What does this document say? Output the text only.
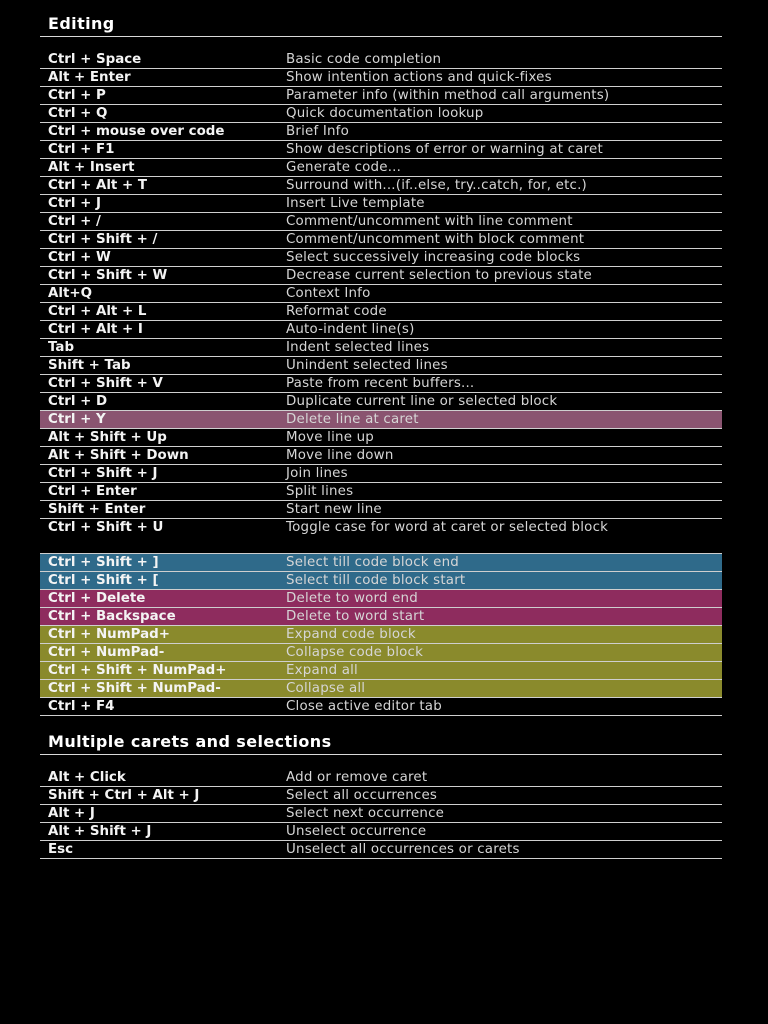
Editing
Ctrl + Space	Basic code completion
Alt + Enter	Show intention actions and quick-fixes
Ctrl + P	Parameter info (within method call arguments)
Ctrl + Q	Quick documentation lookup
Ctrl + mouse over code	Brief Info
Ctrl + F1	Show descriptions of error or warning at caret
Alt + Insert	Generate code...
Ctrl + Alt + T	Surround with...(if..else, try..catch, for, etc.)
Ctrl + J	Insert Live template
Ctrl + /	Comment/uncomment with line comment
Ctrl + Shift + /	Comment/uncomment with block comment
Ctrl + W	Select successively increasing code blocks
Ctrl + Shift + W	Decrease current selection to previous state
Alt+Q	Context Info
Ctrl + Alt + L	Reformat code
Ctrl + Alt + I	Auto-indent line(s)
Tab	Indent selected lines
Shift + Tab	Unindent selected lines
Ctrl + Shift + V	Paste from recent buffers...
Ctrl + D	Duplicate current line or selected block
Ctrl + Y	Delete line at caret
Alt + Shift + Up	Move line up
Alt + Shift + Down	Move line down
Ctrl + Shift + J	Join lines
Ctrl + Enter	Split lines
Shift + Enter	Start new line
Ctrl + Shift + U	Toggle case for word at caret or selected block
Ctrl + Shift + ]	Select till code block end
Ctrl + Shift + [	Select till code block start
Ctrl + Delete	Delete to word end
Ctrl + Backspace	Delete to word start
Ctrl + NumPad+	Expand code block
Ctrl + NumPad-	Collapse code block
Ctrl + Shift + NumPad+	Expand all
Ctrl + Shift + NumPad-	Collapse all
Ctrl + F4	Close active editor tab
Multiple carets and selections
Alt + Click	Add or remove caret
Shift + Ctrl + Alt + J	Select all occurrences
Alt + J	Select next occurrence
Alt + Shift + J	Unselect occurrence
Esc	Unselect all occurrences or carets
